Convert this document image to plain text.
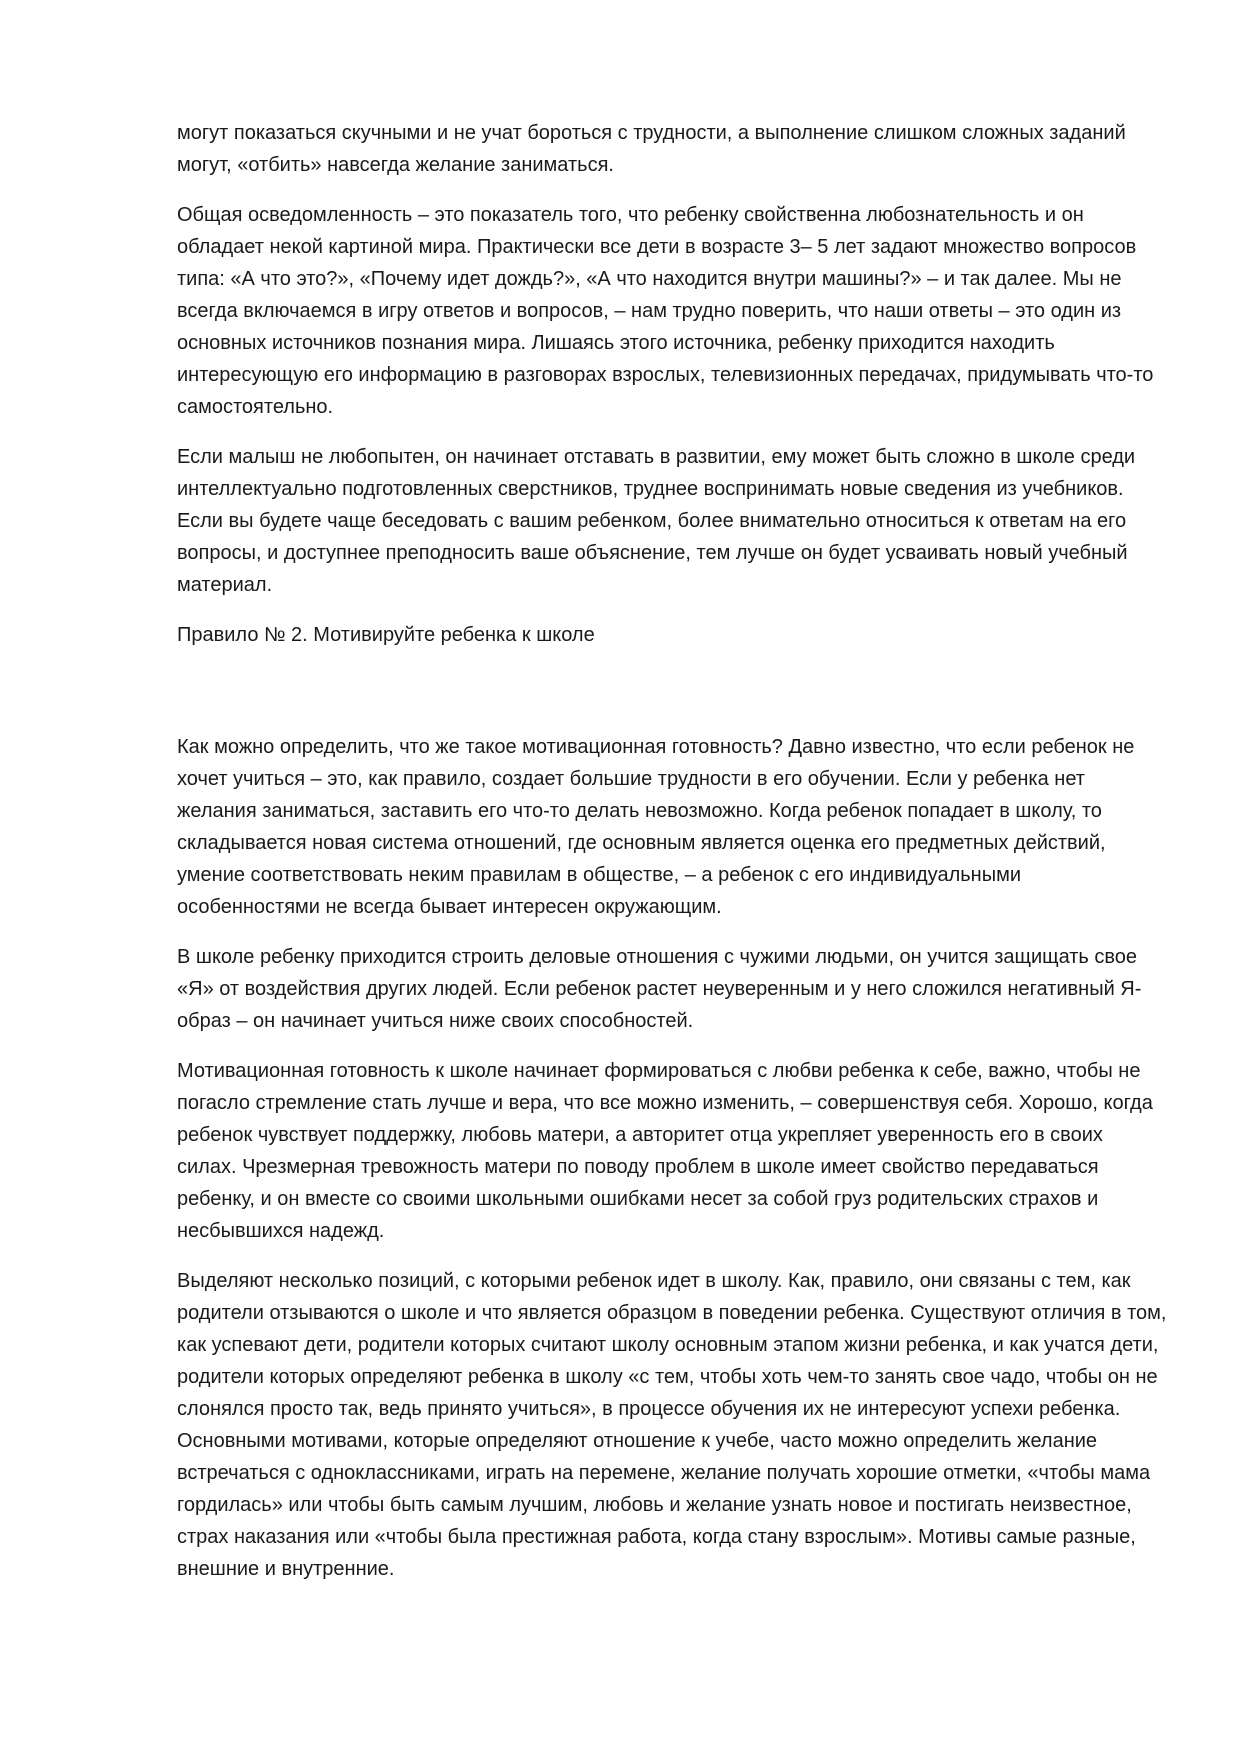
могут показаться скучными и не учат бороться с трудности, а выполнение слишком сложных заданий могут, «отбить» навсегда желание заниматься.

Общая осведомленность – это показатель того, что ребенку свойственна любознательность и он обладает некой картиной мира. Практически все дети в возрасте 3– 5 лет задают множество вопросов типа: «А что это?», «Почему идет дождь?», «А что находится внутри машины?» – и так далее. Мы не всегда включаемся в игру ответов и вопросов, – нам трудно поверить, что наши ответы – это один из основных источников познания мира. Лишаясь этого источника, ребенку приходится находить интересующую его информацию в разговорах взрослых, телевизионных передачах, придумывать что-то самостоятельно.

Если малыш не любопытен, он начинает отставать в развитии, ему может быть сложно в школе среди интеллектуально подготовленных сверстников, труднее воспринимать новые сведения из учебников. Если вы будете чаще беседовать с вашим ребенком, более внимательно относиться к ответам на его вопросы, и доступнее преподносить ваше объяснение, тем лучше он будет усваивать новый учебный материал.

Правило № 2. Мотивируйте ребенка к школе

Как можно определить, что же такое мотивационная готовность? Давно известно, что если ребенок не хочет учиться – это, как правило, создает большие трудности в его обучении. Если у ребенка нет желания заниматься, заставить его что-то делать невозможно. Когда ребенок попадает в школу, то складывается новая система отношений, где основным является оценка его предметных действий, умение соответствовать неким правилам в обществе, – а ребенок с его индивидуальными особенностями не всегда бывает интересен окружающим.

В школе ребенку приходится строить деловые отношения с чужими людьми, он учится защищать свое «Я» от воздействия других людей. Если ребенок растет неуверенным и у него сложился негативный Я-образ – он начинает учиться ниже своих способностей.

Мотивационная готовность к школе начинает формироваться с любви ребенка к себе, важно, чтобы не погасло стремление стать лучше и вера, что все можно изменить, – совершенствуя себя. Хорошо, когда ребенок чувствует поддержку, любовь матери, а авторитет отца укрепляет уверенность его в своих силах. Чрезмерная тревожность матери по поводу проблем в школе имеет свойство передаваться ребенку, и он вместе со своими школьными ошибками несет за собой груз родительских страхов и несбывшихся надежд.

Выделяют несколько позиций, с которыми ребенок идет в школу. Как, правило, они связаны с тем, как родители отзываются о школе и что является образцом в поведении ребенка. Существуют отличия в том, как успевают дети, родители которых считают школу основным этапом жизни ребенка, и как учатся дети, родители которых определяют ребенка в школу «с тем, чтобы хоть чем-то занять свое чадо, чтобы он не слонялся просто так, ведь принято учиться», в процессе обучения их не интересуют успехи ребенка. Основными мотивами, которые определяют отношение к учебе, часто можно определить желание встречаться с одноклассниками, играть на перемене, желание получать хорошие отметки, «чтобы мама гордилась» или чтобы быть самым лучшим, любовь и желание узнать новое и постигать неизвестное, страх наказания или «чтобы была престижная работа, когда стану взрослым». Мотивы самые разные, внешние и внутренние.
